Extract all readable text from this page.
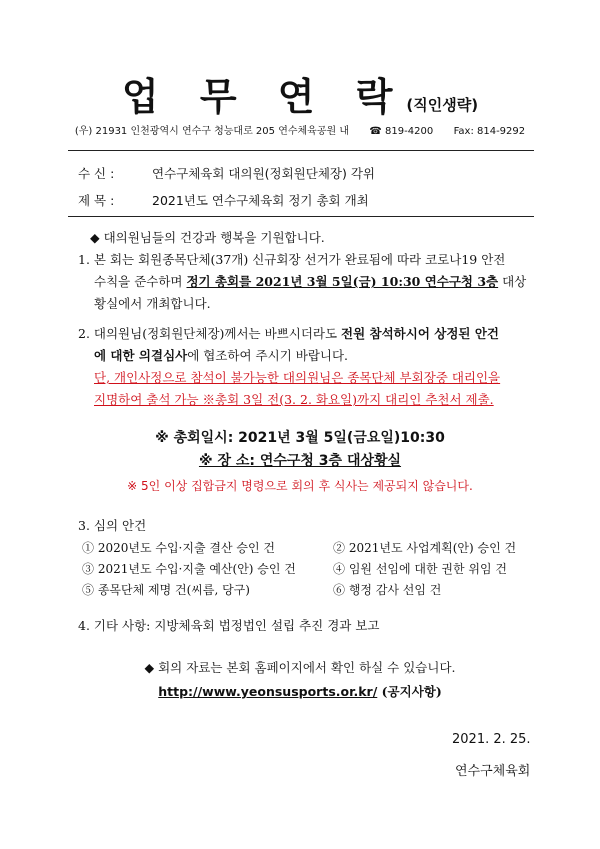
업 무 연 락(직인생략)
(우) 21931 인천광역시 연수구 청능대로 205 연수체육공원 내 ☎ 819-4200 Fax: 814-9292
수 신 :	연수구체육회 대의원(정회원단체장) 각위
제 목 :	2021년도 연수구체육회 정기 총회 개최
◆ 대의원님들의 건강과 행복을 기원합니다.
1. 본 회는 회원종목단체(37개) 신규회장 선거가 완료됨에 따라 코로나19 안전
수칙을 준수하며 정기 총회를 2021년 3월 5일(금) 10:30 연수구청 3층 대상
황실에서 개최합니다.
2. 대의원님(정회원단체장)께서는 바쁘시더라도 전원 참석하시어 상정된 안건
에 대한 의결심사에 협조하여 주시기 바랍니다.
단, 개인사정으로 참석이 불가능한 대의원님은 종목단체 부회장중 대리인을
지명하여 출석 가능 ※총회 3일 전(3. 2. 화요일)까지 대리인 추천서 제출.
※ 총회일시: 2021년 3월 5일(금요일)10:30
※ 장 소: 연수구청 3층 대상황실
※ 5인 이상 집합금지 명령으로 회의 후 식사는 제공되지 않습니다.
3. 심의 안건
① 2020년도 수입·지출 결산 승인 건	② 2021년도 사업계획(안) 승인 건
③ 2021년도 수입·지출 예산(안) 승인 건	④ 임원 선임에 대한 권한 위임 건
⑤ 종목단체 제명 건(씨름, 당구)	⑥ 행정 감사 선임 건
4. 기타 사항: 지방체육회 법정법인 설립 추진 경과 보고
◆ 회의 자료는 본회 홈페이지에서 확인 하실 수 있습니다.
http://www.yeonsusports.or.kr/ (공지사항)
2021. 2. 25.
연수구체육회
